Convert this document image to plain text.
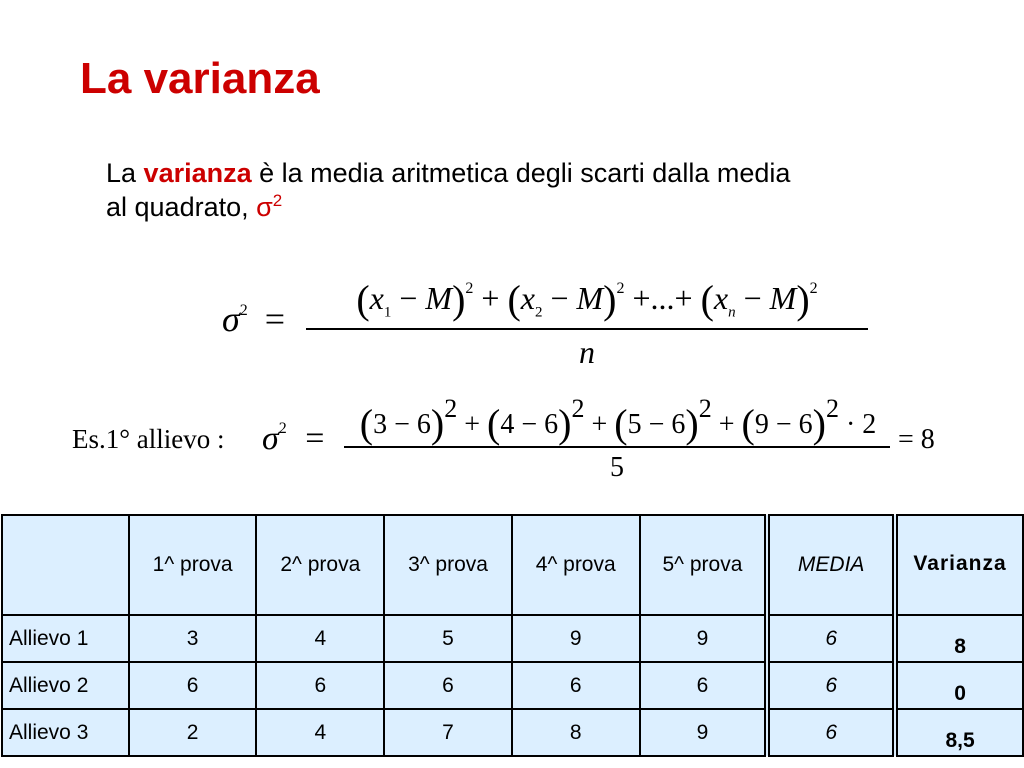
La varianza
La varianza è la media aritmetica degli scarti dalla media al quadrato, $\sigma^2$
$\sigma^2$ =	$(x_1 - M)^2 + (x_2 - M)^2$ +...+ $(x_n - M)^2$
n
Es.1° allievo : $\sigma^2 = (3 - 6)2 + (4 - 6)2 + (5 - 6)2 + (9 - 6)2 \cdot 2$
5
= 8
	1^ prova	2^ prova	3^ prova	4^ prova	5^ prova	MEDIA	Varianza
Allievo 1	3	4	5	9	9	6	8
Allievo 2	6	6	6	6	6	6	0
Allievo 3	2	4	7	8	9	6	8,5
